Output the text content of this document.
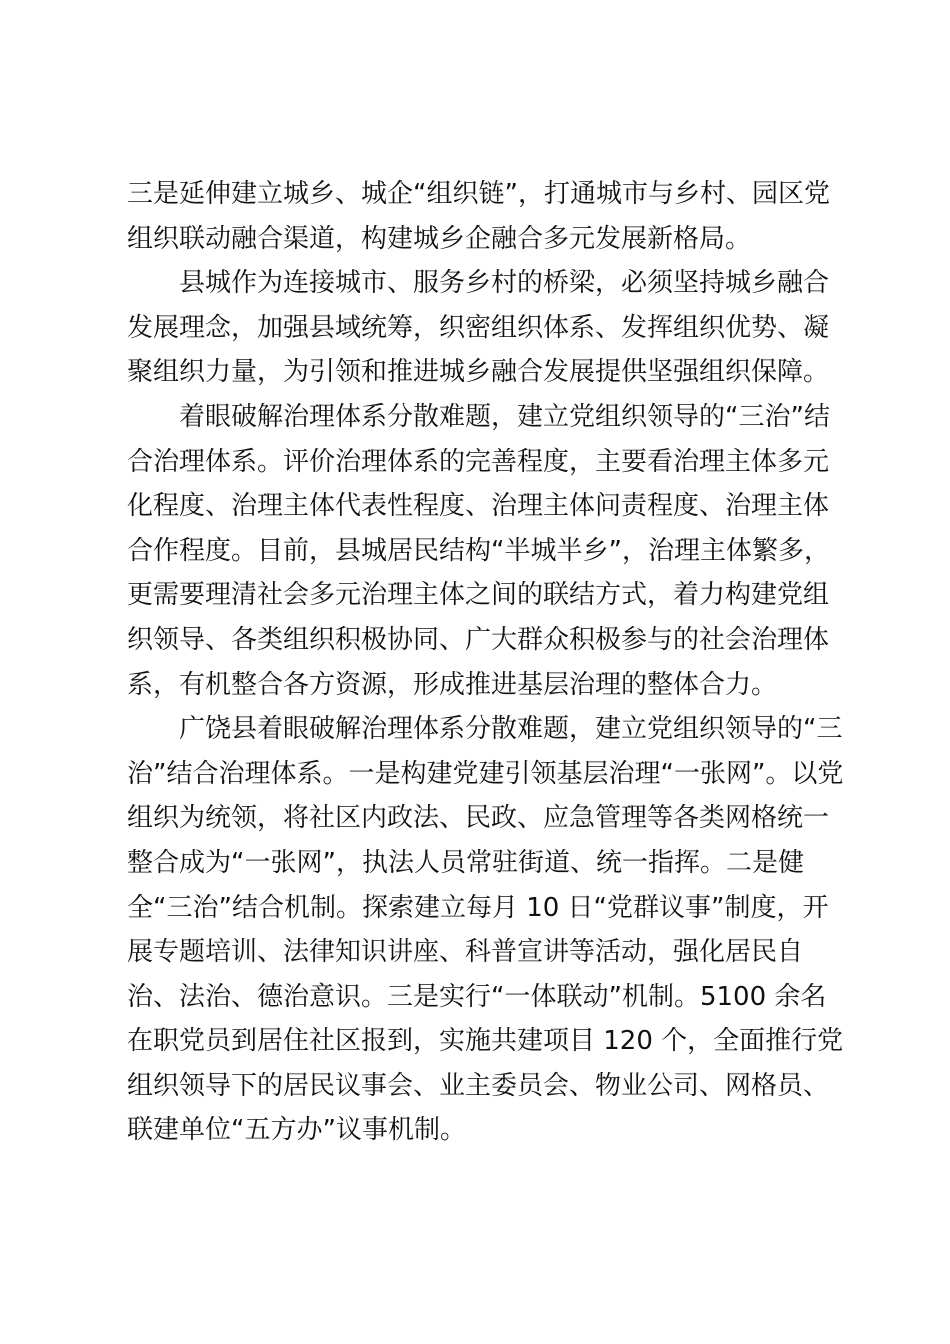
三是延伸建立城乡、城企“组织链”，打通城市与乡村、园区党
组织联动融合渠道，构建城乡企融合多元发展新格局。
县城作为连接城市、服务乡村的桥梁，必须坚持城乡融合
发展理念，加强县域统筹，织密组织体系、发挥组织优势、凝
聚组织力量，为引领和推进城乡融合发展提供坚强组织保障。
着眼破解治理体系分散难题，建立党组织领导的“三治”结
合治理体系。评价治理体系的完善程度，主要看治理主体多元
化程度、治理主体代表性程度、治理主体问责程度、治理主体
合作程度。目前，县城居民结构“半城半乡”，治理主体繁多，
更需要理清社会多元治理主体之间的联结方式，着力构建党组
织领导、各类组织积极协同、广大群众积极参与的社会治理体
系，有机整合各方资源，形成推进基层治理的整体合力。
广饶县着眼破解治理体系分散难题，建立党组织领导的“三
治”结合治理体系。一是构建党建引领基层治理“一张网”。以党
组织为统领，将社区内政法、民政、应急管理等各类网格统一
整合成为“一张网”，执法人员常驻街道、统一指挥。二是健
全“三治”结合机制。探索建立每月 10 日“党群议事”制度，开
展专题培训、法律知识讲座、科普宣讲等活动，强化居民自
治、法治、德治意识。三是实行“一体联动”机制。5100 余名
在职党员到居住社区报到，实施共建项目 120 个，全面推行党
组织领导下的居民议事会、业主委员会、物业公司、网格员、
联建单位“五方办”议事机制。
